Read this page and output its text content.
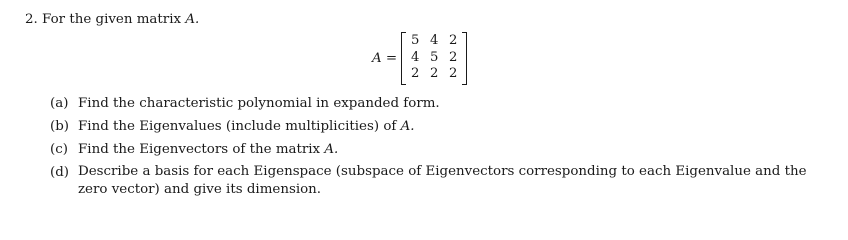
2. For the given matrix A.
A =
5 4 2
4 5 2
2 2 2
(a) Find the characteristic polynomial in expanded form.
(b) Find the Eigenvalues (include multiplicities) of A.
(c) Find the Eigenvectors of the matrix A.
(d) Describe a basis for each Eigenspace (subspace of Eigenvectors corresponding to each Eigenvalue and the zero vector) and give its dimension.
